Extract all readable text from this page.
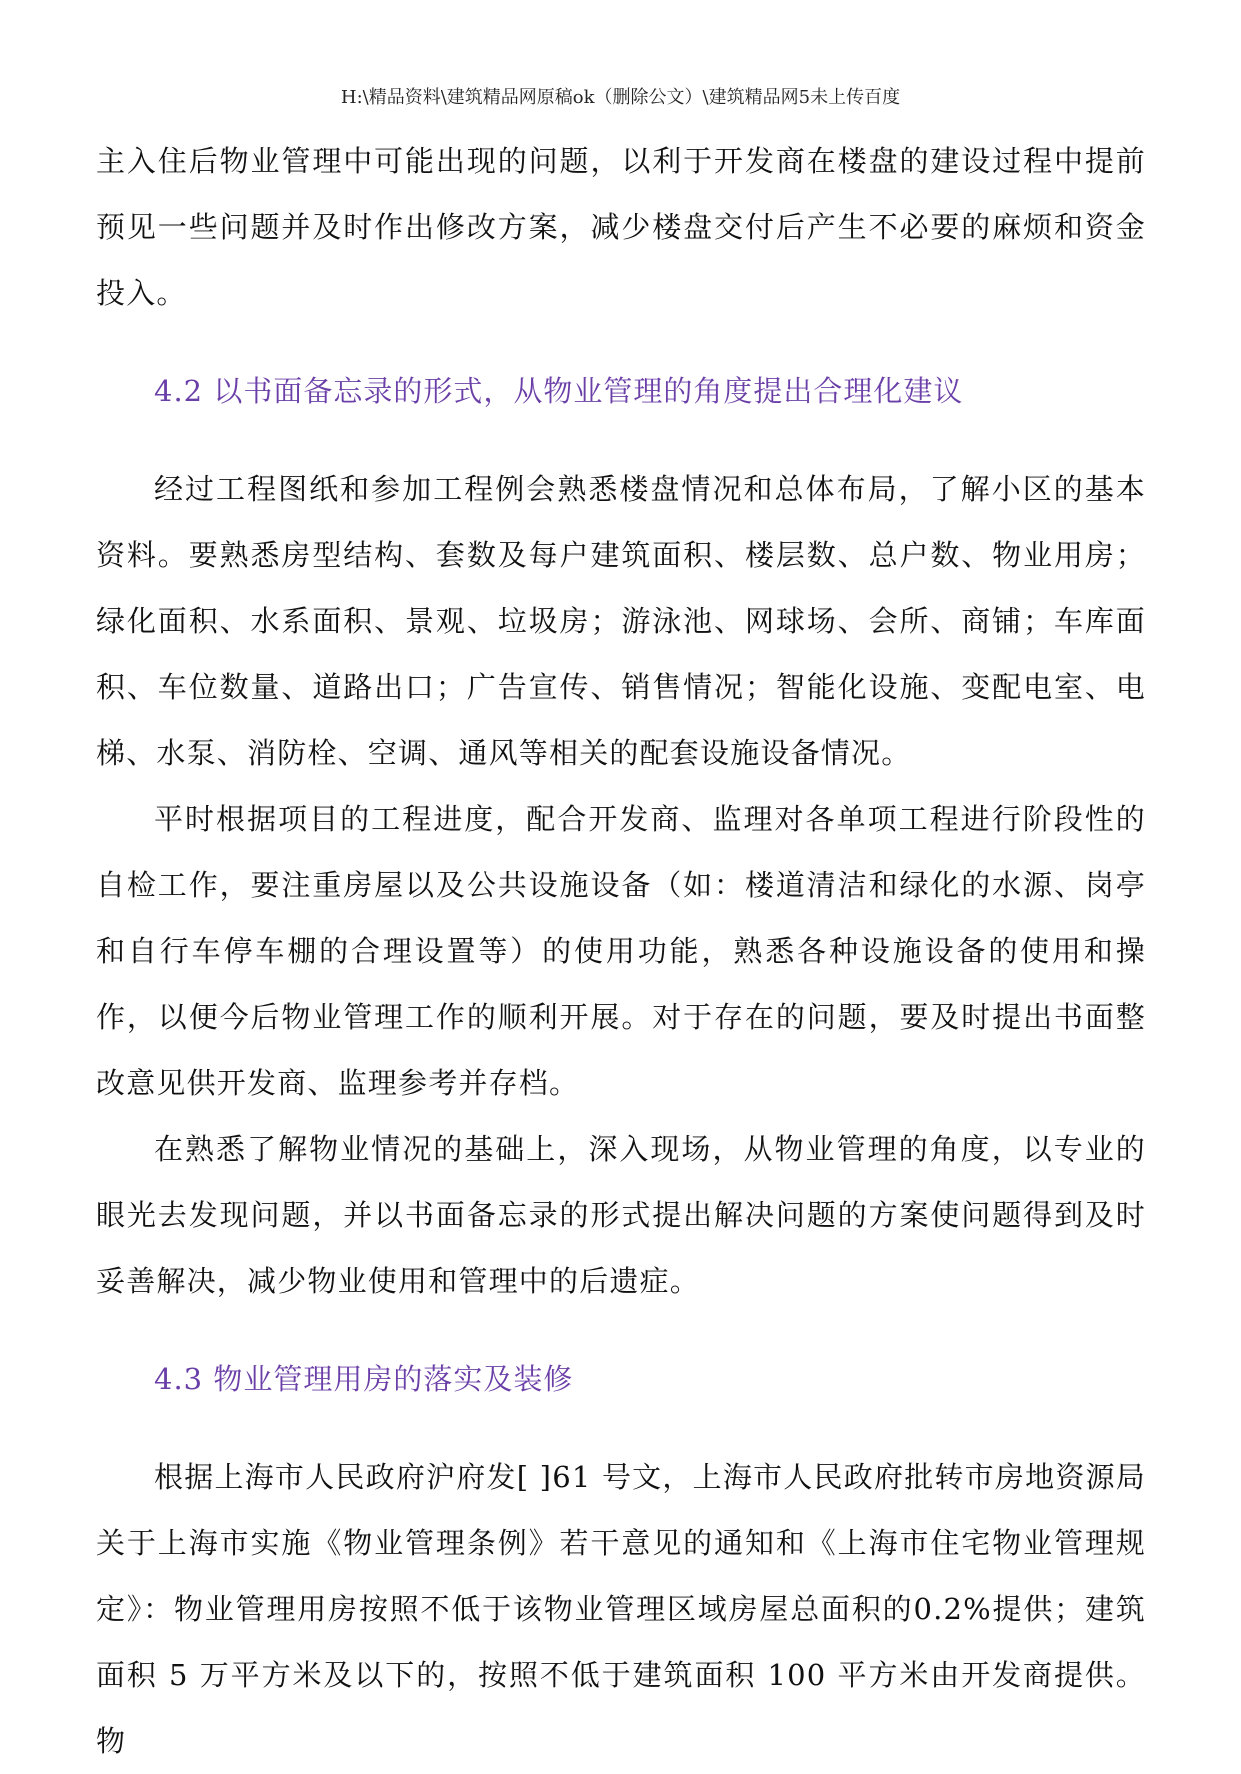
H:\精品资料\建筑精品网原稿ok（删除公文）\建筑精品网5未上传百度

主入住后物业管理中可能出现的问题，以利于开发商在楼盘的建设过程中提前预见一些问题并及时作出修改方案，减少楼盘交付后产生不必要的麻烦和资金投入。

4.2 以书面备忘录的形式，从物业管理的角度提出合理化建议

经过工程图纸和参加工程例会熟悉楼盘情况和总体布局，了解小区的基本资料。要熟悉房型结构、套数及每户建筑面积、楼层数、总户数、物业用房；绿化面积、水系面积、景观、垃圾房；游泳池、网球场、会所、商铺；车库面积、车位数量、道路出口；广告宣传、销售情况；智能化设施、变配电室、电梯、水泵、消防栓、空调、通风等相关的配套设施设备情况。

平时根据项目的工程进度，配合开发商、监理对各单项工程进行阶段性的自检工作，要注重房屋以及公共设施设备（如：楼道清洁和绿化的水源、岗亭和自行车停车棚的合理设置等）的使用功能，熟悉各种设施设备的使用和操作，以便今后物业管理工作的顺利开展。对于存在的问题，要及时提出书面整改意见供开发商、监理参考并存档。

在熟悉了解物业情况的基础上，深入现场，从物业管理的角度，以专业的眼光去发现问题，并以书面备忘录的形式提出解决问题的方案使问题得到及时妥善解决，减少物业使用和管理中的后遗症。

4.3 物业管理用房的落实及装修

根据上海市人民政府沪府发[ ]61 号文，上海市人民政府批转市房地资源局关于上海市实施《物业管理条例》若干意见的通知和《上海市住宅物业管理规定》：物业管理用房按照不低于该物业管理区域房屋总面积的0.2%提供；建筑面积 5 万平方米及以下的，按照不低于建筑面积 100 平方米由开发商提供。物
